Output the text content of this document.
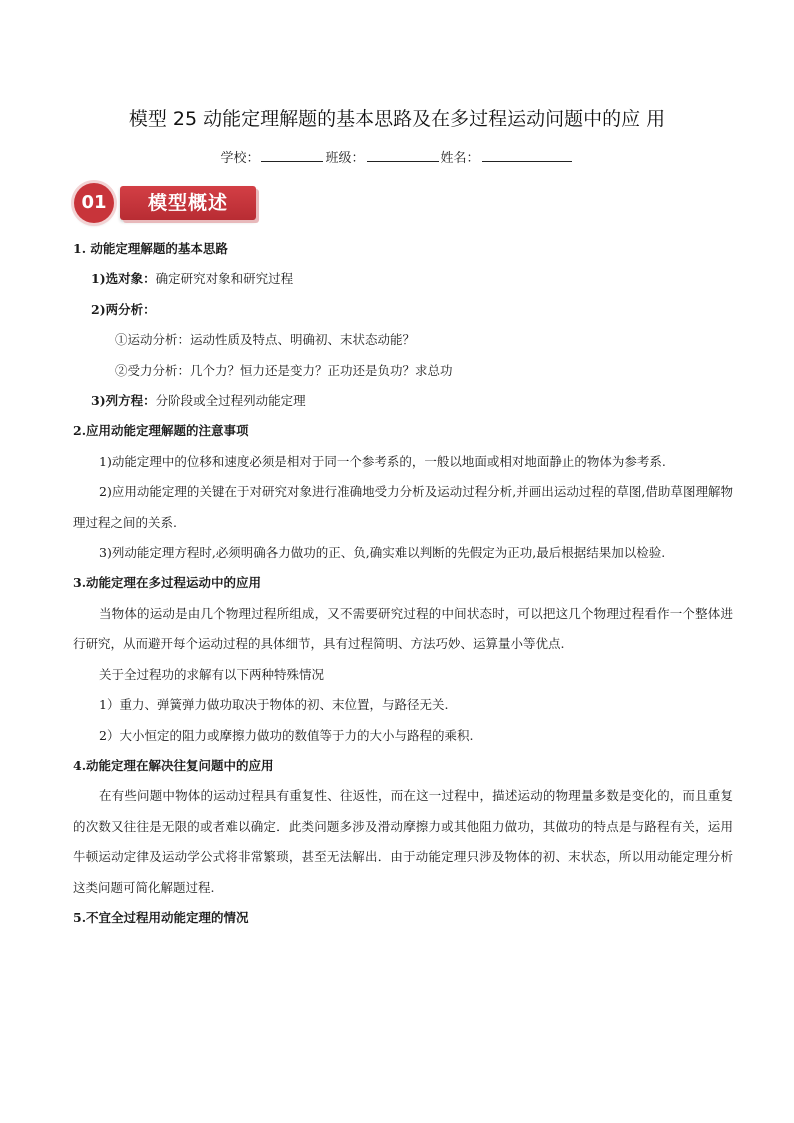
模型 25 动能定理解题的基本思路及在多过程运动问题中的应 用
学校：	班级：	姓名：
01	模型概述

1. 动能定理解题的基本思路

1)选对象：确定研究对象和研究过程

2)两分析：

①运动分析：运动性质及特点、明确初、末状态动能？

②受力分析：几个力？恒力还是变力？正功还是负功？求总功

3)列方程：分阶段或全过程列动能定理

2.应用动能定理解题的注意事项

1)动能定理中的位移和速度必须是相对于同一个参考系的，一般以地面或相对地面静止的物体为参考系.

2)应用动能定理的关键在于对研究对象进行准确地受力分析及运动过程分析,并画出运动过程的草图,借助草图理解物理过程之间的关系.

3)列动能定理方程时,必须明确各力做功的正、负,确实难以判断的先假定为正功,最后根据结果加以检验.

3.动能定理在多过程运动中的应用

当物体的运动是由几个物理过程所组成，又不需要研究过程的中间状态时，可以把这几个物理过程看作一个整体进行研究，从而避开每个运动过程的具体细节，具有过程简明、方法巧妙、运算量小等优点.

关于全过程功的求解有以下两种特殊情况

1）重力、弹簧弹力做功取决于物体的初、末位置，与路径无关.

2）大小恒定的阻力或摩擦力做功的数值等于力的大小与路程的乘积.

4.动能定理在解决往复问题中的应用

在有些问题中物体的运动过程具有重复性、往返性，而在这一过程中，描述运动的物理量多数是变化的，而且重复的次数又往往是无限的或者难以确定．此类问题多涉及滑动摩擦力或其他阻力做功，其做功的特点是与路程有关，运用牛顿运动定律及运动学公式将非常繁琐，甚至无法解出．由于动能定理只涉及物体的初、末状态，所以用动能定理分析这类问题可简化解题过程.

5.不宜全过程用动能定理的情况
